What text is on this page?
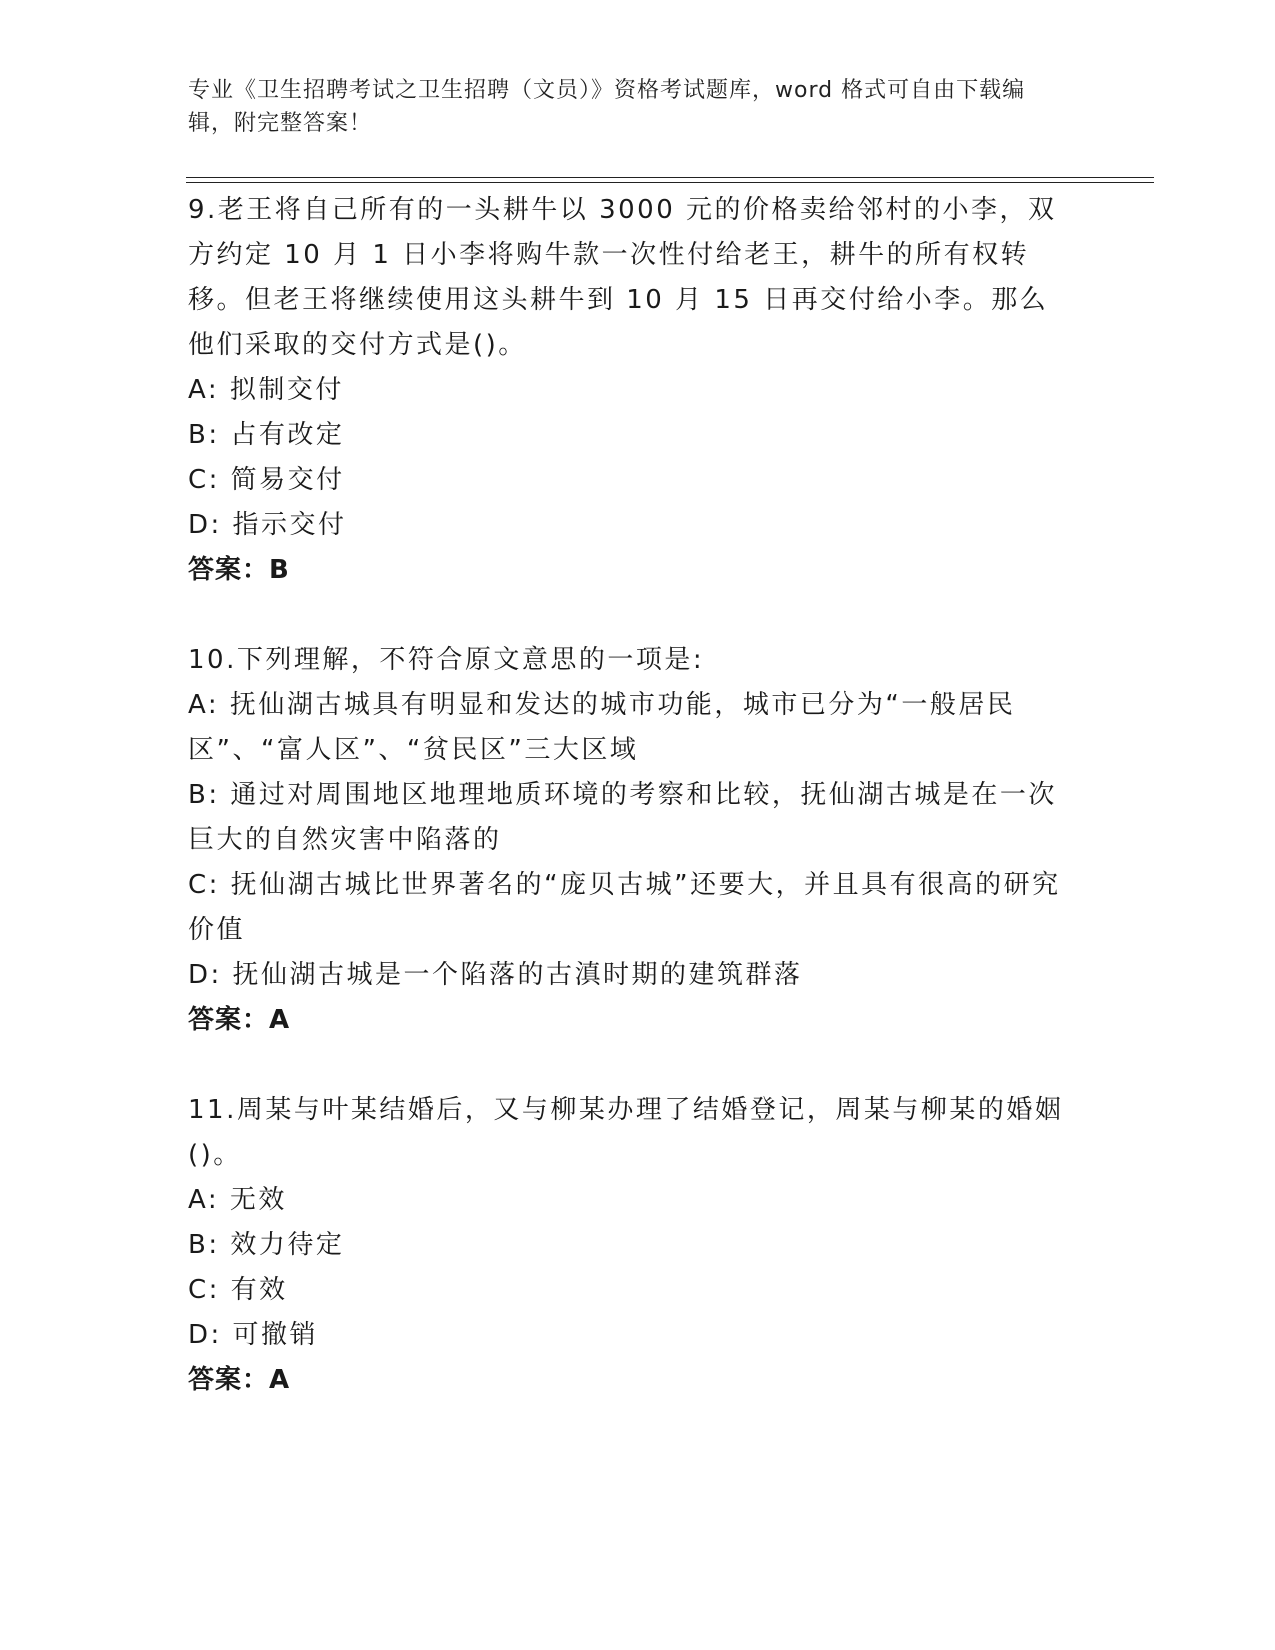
专业《卫生招聘考试之卫生招聘（文员）》资格考试题库，word 格式可自由下载编辑，附完整答案！

9.老王将自己所有的一头耕牛以 3000 元的价格卖给邻村的小李，双方约定 10 月 1 日小李将购牛款一次性付给老王，耕牛的所有权转移。但老王将继续使用这头耕牛到 10 月 15 日再交付给小李。那么他们采取的交付方式是()。

A: 拟制交付

B: 占有改定

C: 简易交付

D: 指示交付

答案：B

10.下列理解，不符合原文意思的一项是:

A: 抚仙湖古城具有明显和发达的城市功能，城市已分为“一般居民区”、“富人区”、“贫民区”三大区域

B: 通过对周围地区地理地质环境的考察和比较，抚仙湖古城是在一次巨大的自然灾害中陷落的

C: 抚仙湖古城比世界著名的“庞贝古城”还要大，并且具有很高的研究价值

D: 抚仙湖古城是一个陷落的古滇时期的建筑群落

答案：A

11.周某与叶某结婚后，又与柳某办理了结婚登记，周某与柳某的婚姻()。

A: 无效

B: 效力待定

C: 有效

D: 可撤销

答案：A
